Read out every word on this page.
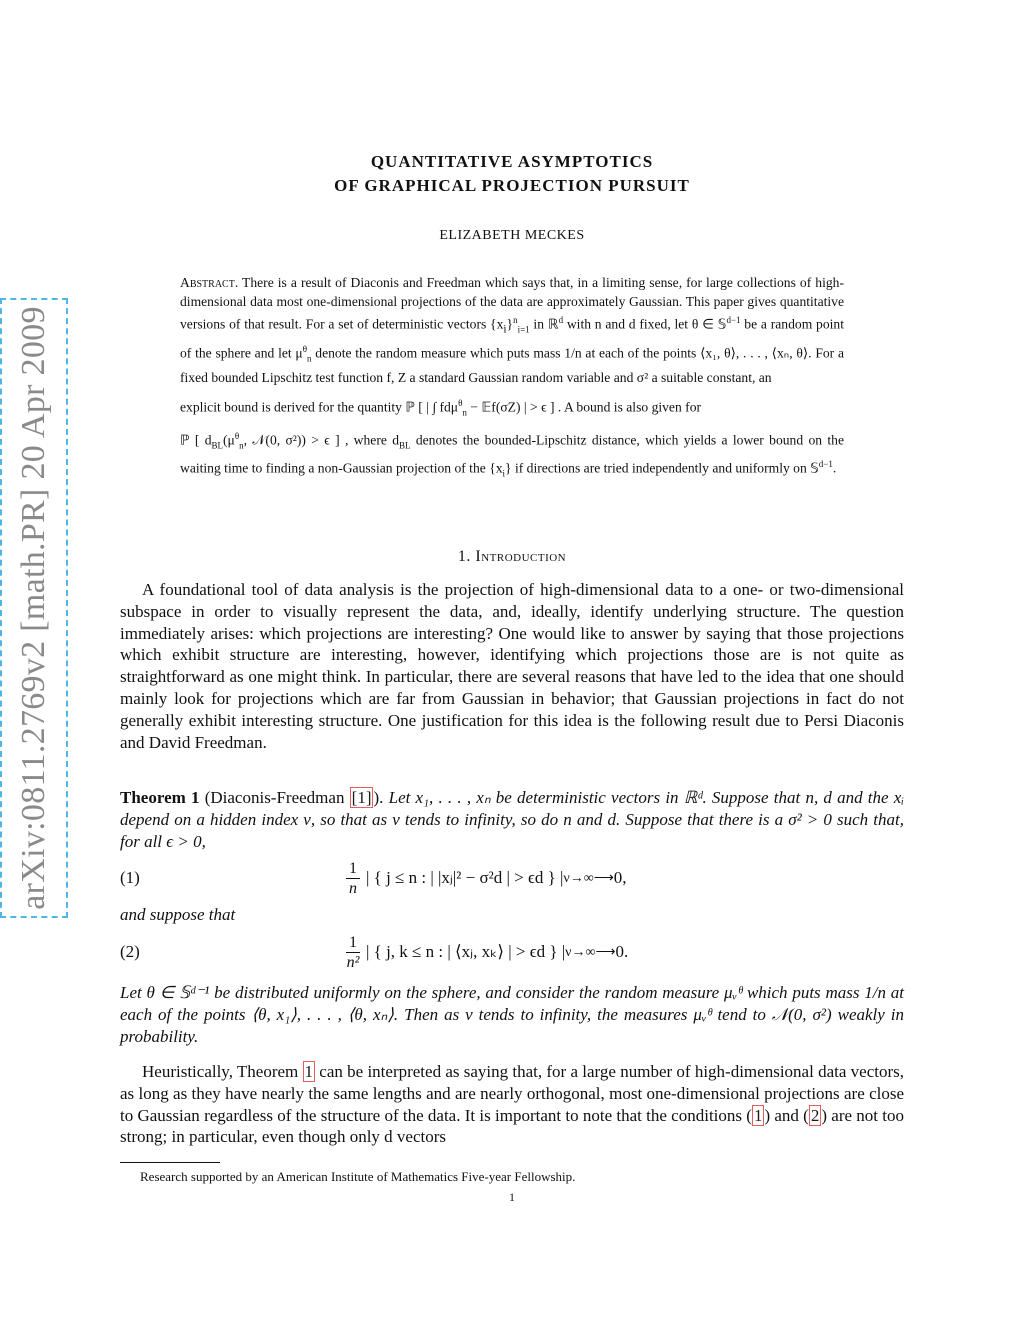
arXiv:0811.2769v2 [math.PR] 20 Apr 2009
QUANTITATIVE ASYMPTOTICS
OF GRAPHICAL PROJECTION PURSUIT
ELIZABETH MECKES
Abstract. There is a result of Diaconis and Freedman which says that, in a limiting sense, for large collections of high-dimensional data most one-dimensional projections of the data are approximately Gaussian. This paper gives quantitative versions of that result. For a set of deterministic vectors $\{x_i\}^n_{i=1}$ in ℝ$^d$ with n and d fixed, let θ ∈ 𝕊$^{d-1}$ be a random point of the sphere and let $\mu^\theta_n$ denote the random measure which puts mass 1/n at each of the points ⟨x₁, θ⟩, . . . , ⟨xₙ, θ⟩. For a fixed bounded Lipschitz test function f, Z a standard Gaussian random variable and σ² a suitable constant, an
explicit bound is derived for the quantity ℙ [ | ∫ fdμ$^\theta_n$ − 𝔼f(σZ) | > ϵ ] . A bound is also given for
ℙ [ $d_{BL}(\mu^\theta_n$, 𝒩(0, σ²)) > ϵ ] , where $d_{BL}$ denotes the bounded-Lipschitz distance, which yields a lower bound on the waiting time to finding a non-Gaussian projection of the $\{x_i\}$ if directions are tried independently and uniformly on 𝕊$^{d-1}$.
1. Introduction
A foundational tool of data analysis is the projection of high-dimensional data to a one- or two-dimensional subspace in order to visually represent the data, and, ideally, identify underlying structure. The question immediately arises: which projections are interesting? One would like to answer by saying that those projections which exhibit structure are interesting, however, identifying which projections those are is not quite as straightforward as one might think. In particular, there are several reasons that have led to the idea that one should mainly look for projections which are far from Gaussian in behavior; that Gaussian projections in fact do not generally exhibit interesting structure. One justification for this idea is the following result due to Persi Diaconis and David Freedman.
Theorem 1 (Diaconis-Freedman [1] ). Let x₁, . . . , xₙ be deterministic vectors in ℝᵈ. Suppose that n, d and the xᵢ depend on a hidden index ν, so that as ν tends to infinity, so do n and d. Suppose that there is a σ² > 0 such that, for all ϵ > 0,
(1)	$\frac{1}{n}$ | { j ≤ n : | |xⱼ|² − σ²d | > ϵd } | ν→∞⟶ 0,
and suppose that
(2)	$\frac{1}{\text{n²}}$ | { j, k ≤ n : | ⟨xⱼ, xₖ⟩ | > ϵd } | ν→∞⟶ 0.
Let θ ∈ 𝕊ᵈ⁻¹ be distributed uniformly on the sphere, and consider the random measure μᵥᶿ which puts mass 1/n at each of the points ⟨θ, x₁⟩, . . . , ⟨θ, xₙ⟩. Then as ν tends to infinity, the measures μᵥᶿ tend to 𝒩(0, σ²) weakly in probability.
Heuristically, Theorem 1 can be interpreted as saying that, for a large number of high-dimensional data vectors, as long as they have nearly the same lengths and are nearly orthogonal, most one-dimensional projections are close to Gaussian regardless of the structure of the data. It is important to note that the conditions ( 1 ) and ( 2 ) are not too strong; in particular, even though only d vectors
Research supported by an American Institute of Mathematics Five-year Fellowship.
1
